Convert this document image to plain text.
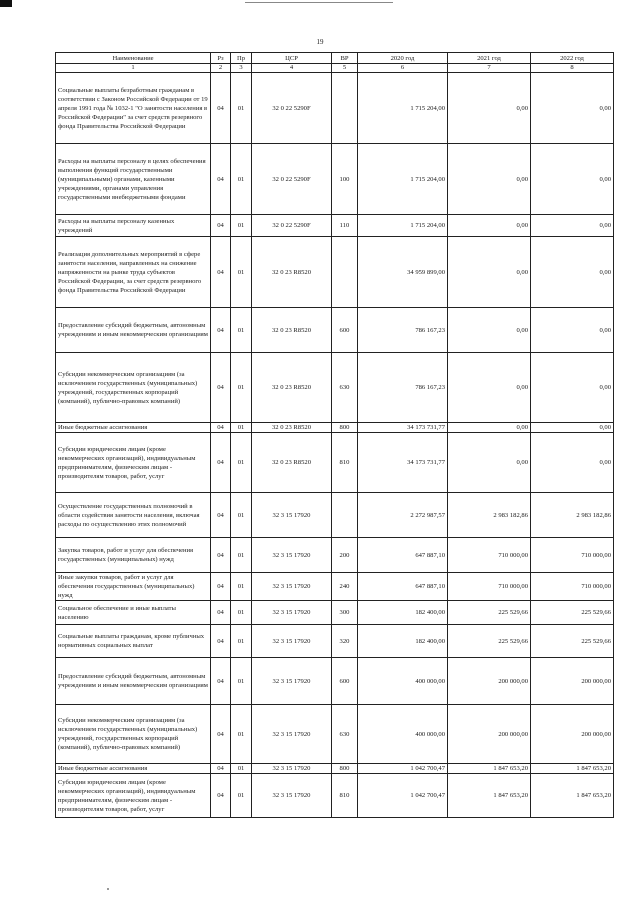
19
Наименование	Рз	Пр	ЦСР	ВР	2020 год	2021 год	2022 год
1	2	3	4	5	6	7	8
Социальные выплаты безработным гражданам в соответствии с Законом Российской Федерации от 19 апреля 1991 года № 1032-1 "О занятости населения в Российской Федерации" за счет средств резервного фонда Правительства Российской Федерации	04	01	32 0 22 5290F		1 715 204,00	0,00	0,00
Расходы на выплаты персоналу в целях обеспечения выполнения функций государственными (муниципальными) органами, казенными учреждениями, органами управления государственными внебюджетными фондами	04	01	32 0 22 5290F	100	1 715 204,00	0,00	0,00
Расходы на выплаты персоналу казенных учреждений	04	01	32 0 22 5290F	110	1 715 204,00	0,00	0,00
Реализация дополнительных мероприятий в сфере занятости населения, направленных на снижение напряженности на рынке труда субъектов Российской Федерации, за счет средств резервного фонда Правительства Российской Федерации	04	01	32 0 23 R8520		34 959 899,00	0,00	0,00
Предоставление субсидий бюджетным, автономным учреждениям и иным некоммерческим организациям	04	01	32 0 23 R8520	600	786 167,23	0,00	0,00
Субсидии некоммерческим организациям (за исключением государственных (муниципальных) учреждений, государственных корпораций (компаний), публично-правовых компаний)	04	01	32 0 23 R8520	630	786 167,23	0,00	0,00
Иные бюджетные ассигнования	04	01	32 0 23 R8520	800	34 173 731,77	0,00	0,00
Субсидии юридическим лицам (кроме некоммерческих организаций), индивидуальным предпринимателям, физическим лицам - производителям товаров, работ, услуг	04	01	32 0 23 R8520	810	34 173 731,77	0,00	0,00
Осуществление государственных полномочий в области содействия занятости населения, включая расходы по осуществлению этих полномочий	04	01	32 3 15 17920		2 272 987,57	2 983 182,86	2 983 182,86
Закупка товаров, работ и услуг для обеспечения государственных (муниципальных) нужд	04	01	32 3 15 17920	200	647 887,10	710 000,00	710 000,00
Иные закупки товаров, работ и услуг для обеспечения государственных (муниципальных) нужд	04	01	32 3 15 17920	240	647 887,10	710 000,00	710 000,00
Социальное обеспечение и иные выплаты населению	04	01	32 3 15 17920	300	182 400,00	225 529,66	225 529,66
Социальные выплаты гражданам, кроме публичных нормативных социальных выплат	04	01	32 3 15 17920	320	182 400,00	225 529,66	225 529,66
Предоставление субсидий бюджетным, автономным учреждениям и иным некоммерческим организациям	04	01	32 3 15 17920	600	400 000,00	200 000,00	200 000,00
Субсидии некоммерческим организациям (за исключением государственных (муниципальных) учреждений, государственных корпораций (компаний), публично-правовых компаний)	04	01	32 3 15 17920	630	400 000,00	200 000,00	200 000,00
Иные бюджетные ассигнования	04	01	32 3 15 17920	800	1 042 700,47	1 847 653,20	1 847 653,20
Субсидии юридическим лицам (кроме некоммерческих организаций), индивидуальным предпринимателям, физическим лицам - производителям товаров, работ, услуг	04	01	32 3 15 17920	810	1 042 700,47	1 847 653,20	1 847 653,20
